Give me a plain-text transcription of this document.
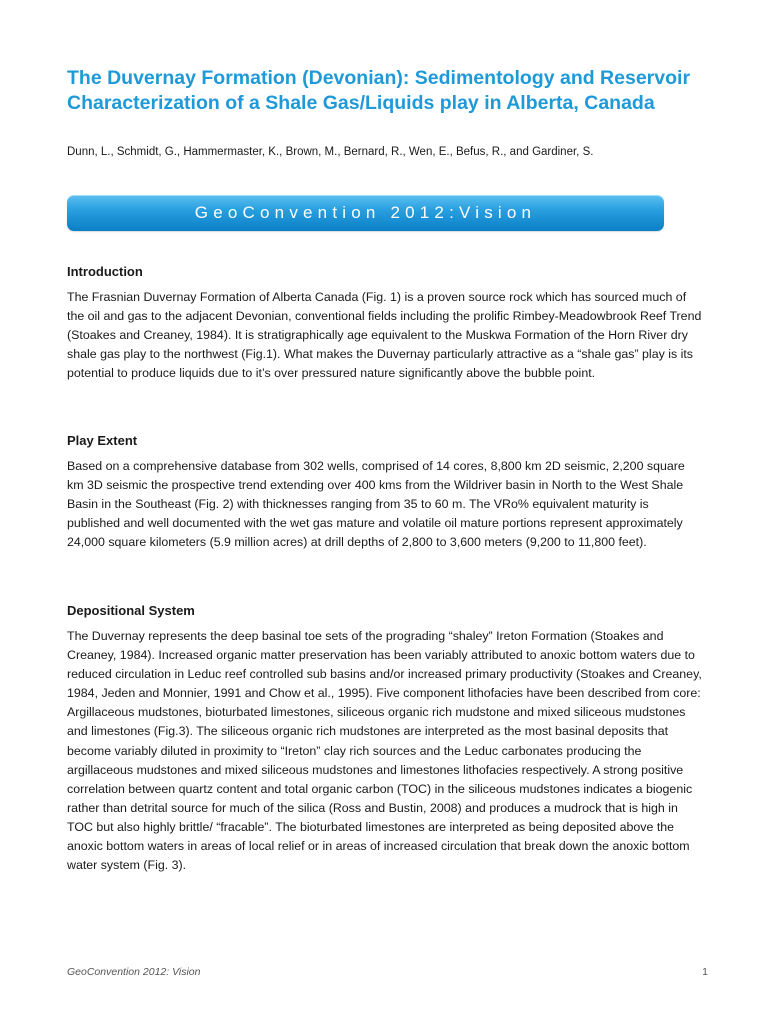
The Duvernay Formation (Devonian): Sedimentology and Reservoir Characterization of a Shale Gas/Liquids play in Alberta, Canada

Dunn, L., Schmidt, G., Hammermaster, K., Brown, M., Bernard, R., Wen, E., Befus, R., and Gardiner, S.

GeoConvention 2012:Vision
Introduction

The Frasnian Duvernay Formation of Alberta Canada (Fig. 1) is a proven source rock which has sourced much of the oil and gas to the adjacent Devonian, conventional fields including the prolific Rimbey-Meadowbrook Reef Trend (Stoakes and Creaney, 1984). It is stratigraphically age equivalent to the Muskwa Formation of the Horn River dry shale gas play to the northwest (Fig.1). What makes the Duvernay particularly attractive as a “shale gas” play is its potential to produce liquids due to it’s over pressured nature significantly above the bubble point.

Play Extent

Based on a comprehensive database from 302 wells, comprised of 14 cores, 8,800 km 2D seismic, 2,200 square km 3D seismic the prospective trend extending over 400 kms from the Wildriver basin in North to the West Shale Basin in the Southeast (Fig. 2) with thicknesses ranging from 35 to 60 m. The VRo% equivalent maturity is published and well documented with the wet gas mature and volatile oil mature portions represent approximately 24,000 square kilometers (5.9 million acres) at drill depths of 2,800 to 3,600 meters (9,200 to 11,800 feet).

Depositional System

The Duvernay represents the deep basinal toe sets of the prograding “shaley” Ireton Formation (Stoakes and Creaney, 1984). Increased organic matter preservation has been variably attributed to anoxic bottom waters due to reduced circulation in Leduc reef controlled sub basins and/or increased primary productivity (Stoakes and Creaney, 1984, Jeden and Monnier, 1991 and Chow et al., 1995). Five component lithofacies have been described from core: Argillaceous mudstones, bioturbated limestones, siliceous organic rich mudstone and mixed siliceous mudstones and limestones (Fig.3). The siliceous organic rich mudstones are interpreted as the most basinal deposits that become variably diluted in proximity to “Ireton” clay rich sources and the Leduc carbonates producing the argillaceous mudstones and mixed siliceous mudstones and limestones lithofacies respectively. A strong positive correlation between quartz content and total organic carbon (TOC) in the siliceous mudstones indicates a biogenic rather than detrital source for much of the silica (Ross and Bustin, 2008) and produces a mudrock that is high in TOC but also highly brittle/ “fracable”. The bioturbated limestones are interpreted as being deposited above the anoxic bottom waters in areas of local relief or in areas of increased circulation that break down the anoxic bottom water system (Fig. 3).

GeoConvention 2012: Vision	1
